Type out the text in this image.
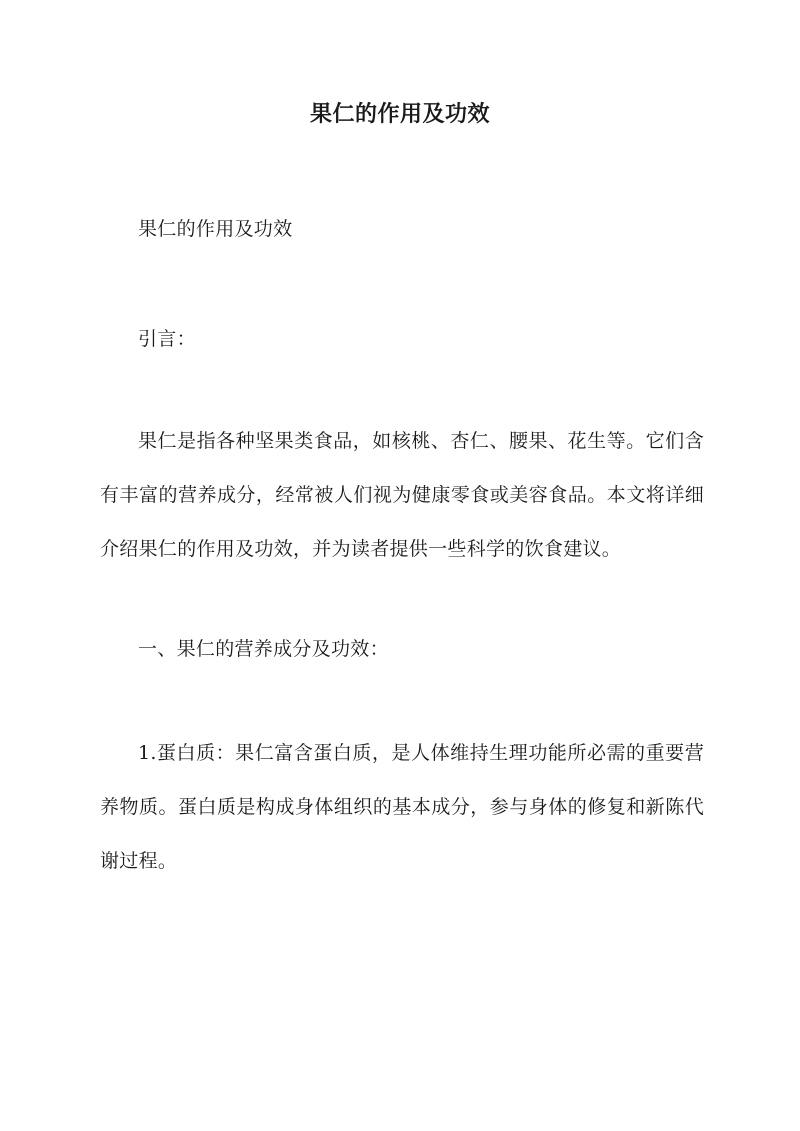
果仁的作用及功效

果仁的作用及功效

引言：

果仁是指各种坚果类食品，如核桃、杏仁、腰果、花生等。它们含有丰富的营养成分，经常被人们视为健康零食或美容食品。本文将详细介绍果仁的作用及功效，并为读者提供一些科学的饮食建议。

一、果仁的营养成分及功效：

1.蛋白质：果仁富含蛋白质，是人体维持生理功能所必需的重要营养物质。蛋白质是构成身体组织的基本成分，参与身体的修复和新陈代谢过程。
